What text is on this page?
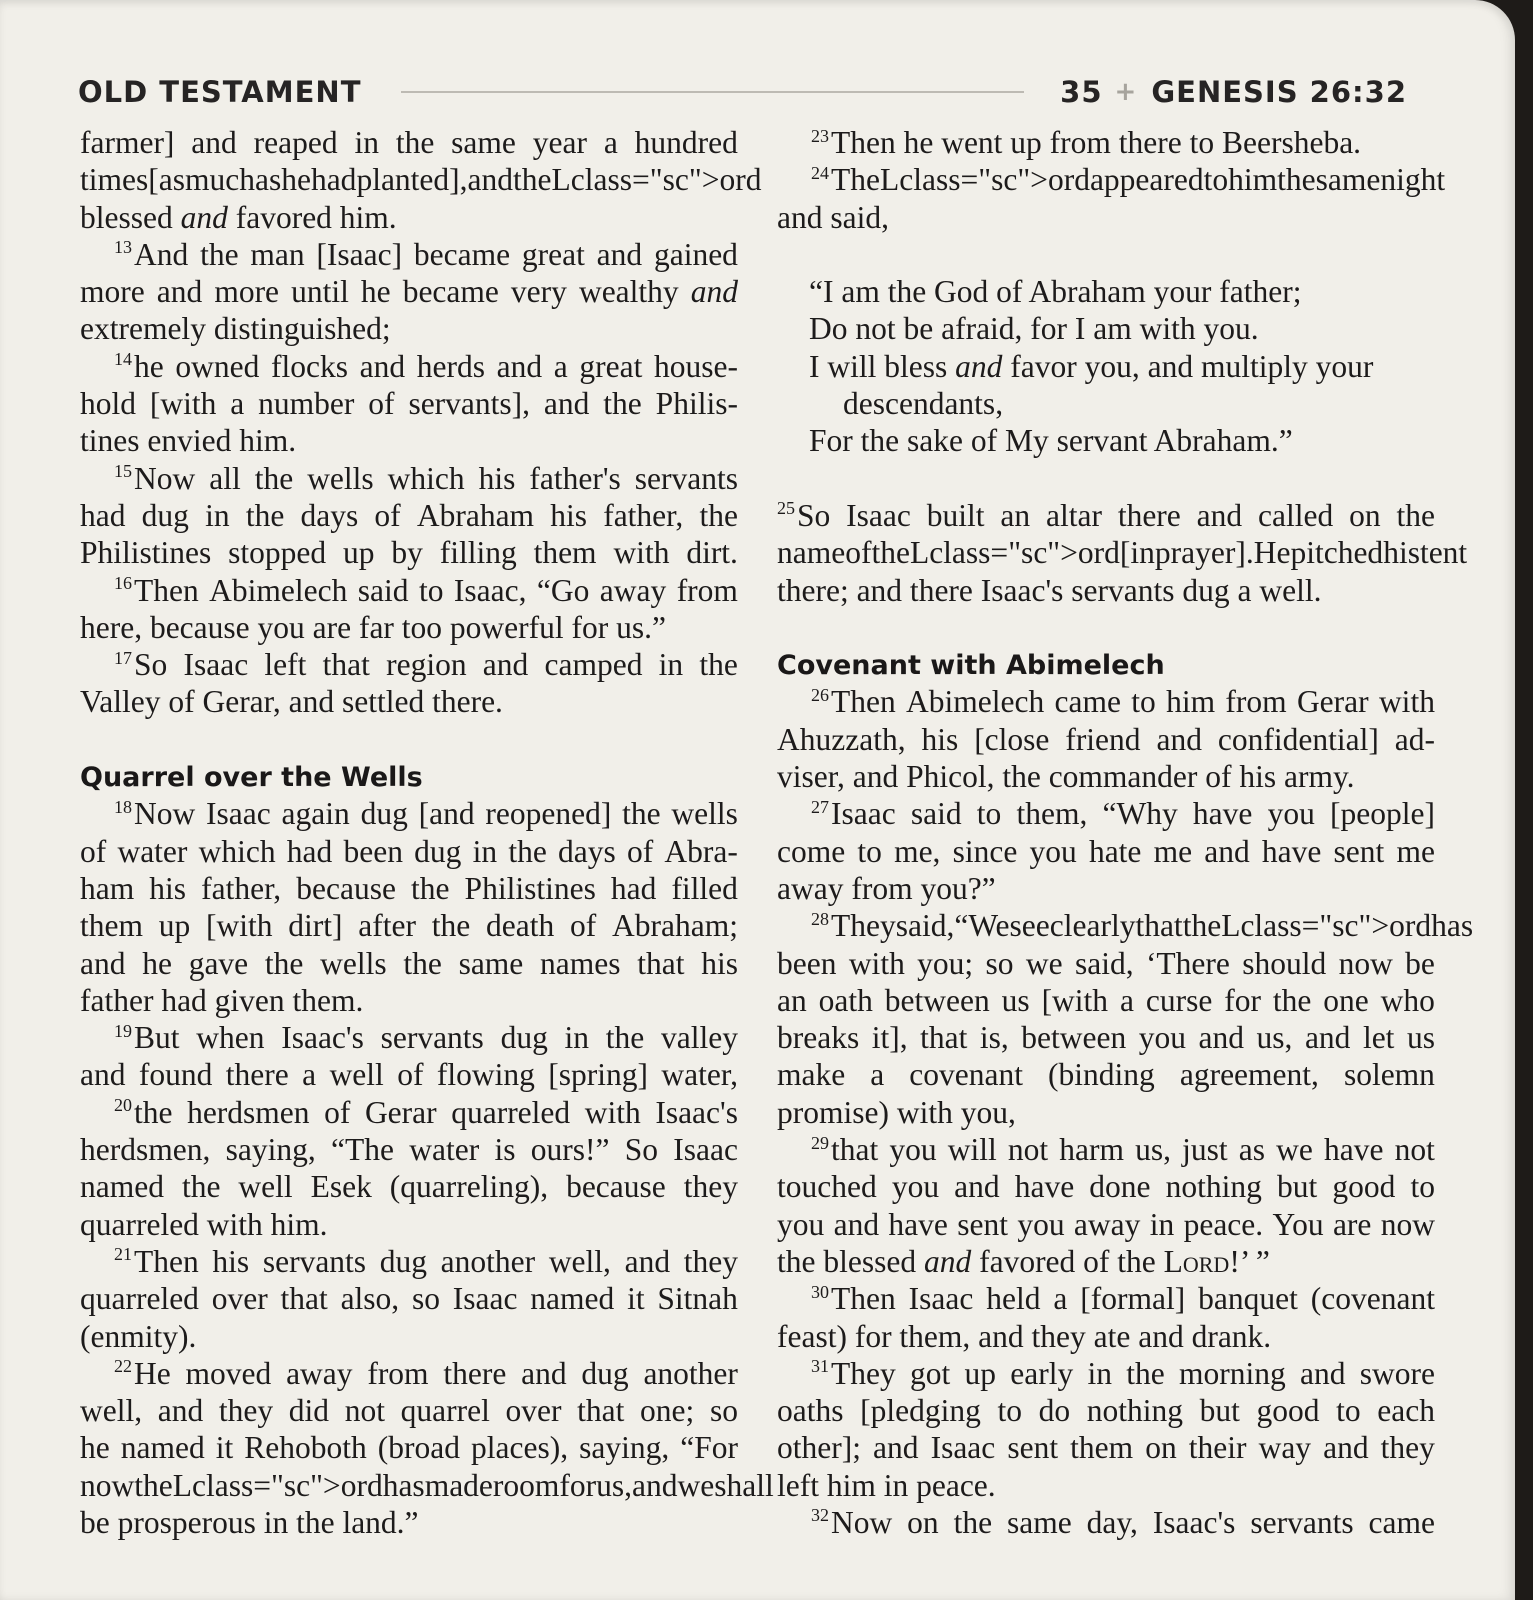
OLD TESTAMENT	35 + GENESIS 26:32
farmer] and reaped in the same year a hundred
times [as much as he had planted], and the L class="sc">ord
blessed and favored him.
$^{13}$And the man [Isaac] became great and gained
more and more until he became very wealthy and
extremely distinguished;
$^{14}$he owned flocks and herds and a great house-
hold [with a number of servants], and the Philis-
tines envied him.
$^{15}$Now all the wells which his father's servants
had dug in the days of Abraham his father, the
Philistines stopped up by filling them with dirt.
$^{16}$Then Abimelech said to Isaac, “Go away from
here, because you are far too powerful for us.”
$^{17}$So Isaac left that region and camped in the
Valley of Gerar, and settled there.
Quarrel over the Wells
$^{18}$Now Isaac again dug [and reopened] the wells
of water which had been dug in the days of Abra-
ham his father, because the Philistines had filled
them up [with dirt] after the death of Abraham;
and he gave the wells the same names that his
father had given them.
$^{19}$But when Isaac's servants dug in the valley
and found there a well of flowing [spring] water,
$^{20}$the herdsmen of Gerar quarreled with Isaac's
herdsmen, saying, “The water is ours!” So Isaac
named the well Esek (quarreling), because they
quarreled with him.
$^{21}$Then his servants dug another well, and they
quarreled over that also, so Isaac named it Sitnah
(enmity).
$^{22}$He moved away from there and dug another
well, and they did not quarrel over that one; so
he named it Rehoboth (broad places), saying, “For
now the L class="sc">ord has made room for us, and we shall
be prosperous in the land.”
$^{23}$Then he went up from there to Beersheba.
$^{24}$The L class="sc">ord appeared to him the same night
and said,
“I am the God of Abraham your father;
Do not be afraid, for I am with you.
I will bless and favor you, and multiply your
descendants,
For the sake of My servant Abraham.”
$^{25}$So Isaac built an altar there and called on the
name of the L class="sc">ord [in prayer]. He pitched his tent
there; and there Isaac's servants dug a well.
Covenant with Abimelech
$^{26}$Then Abimelech came to him from Gerar with
Ahuzzath, his [close friend and confidential] ad-
viser, and Phicol, the commander of his army.
$^{27}$Isaac said to them, “Why have you [people]
come to me, since you hate me and have sent me
away from you?”
$^{28}$They said, “We see clearly that the L class="sc">ord has
been with you; so we said, ‘There should now be
an oath between us [with a curse for the one who
breaks it], that is, between you and us, and let us
make a covenant (binding agreement, solemn
promise) with you,
$^{29}$that you will not harm us, just as we have not
touched you and have done nothing but good to
you and have sent you away in peace. You are now
the blessed and favored of the Lord!’ ”
$^{30}$Then Isaac held a [formal] banquet (covenant
feast) for them, and they ate and drank.
$^{31}$They got up early in the morning and swore
oaths [pledging to do nothing but good to each
other]; and Isaac sent them on their way and they
left him in peace.
$^{32}$Now on the same day, Isaac's servants came
